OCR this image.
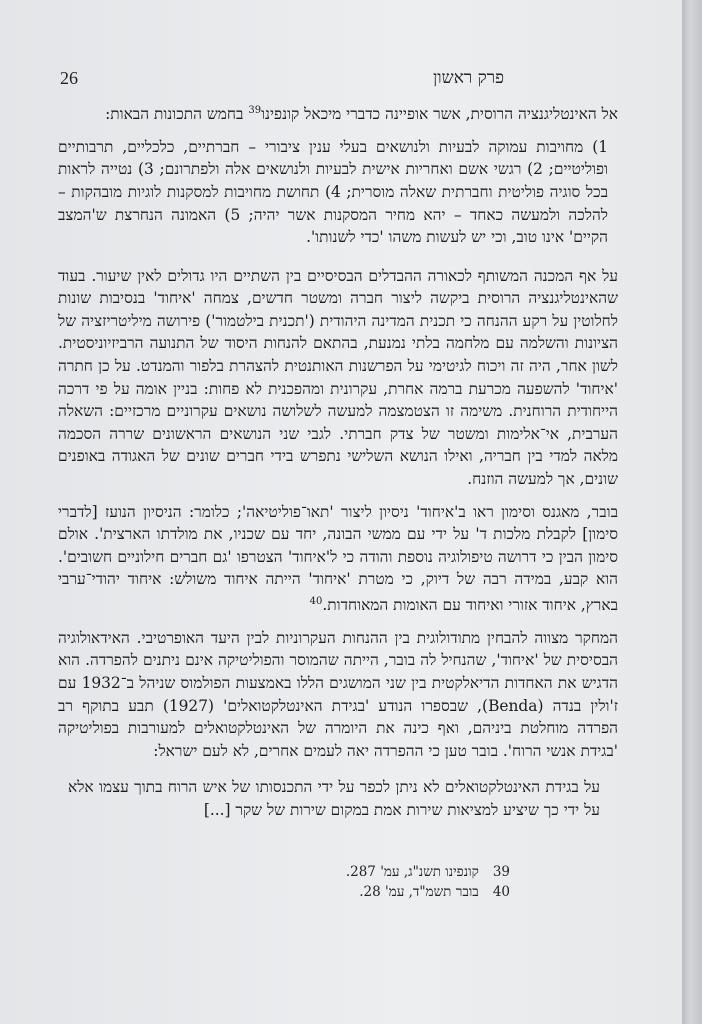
26	פרק ראשון

אל האינטליגנציה הרוסית, אשר אופיינה כדברי מיכאל קונפינו$^{39}$ בחמש התכונות הבאות:

1) מחויבות עמוקה לבעיות ולנושאים בעלי ענין ציבורי – חברתיים, כלכליים, תרבותיים ופוליטיים; 2) רגשי אשם ואחריות אישית לבעיות ולנושאים אלה ולפתרונם; 3) נטייה לראות בכל סוגיה פוליטית וחברתית שאלה מוסרית; 4) תחושת מחויבות למסקנות לוגיות מובהקות – להלכה ולמעשה כאחד – יהא מחיר המסקנות אשר יהיה; 5) האמונה הנחרצת ש'המצב הקיים' אינו טוב, וכי יש לעשות משהו 'כדי לשנותו'.

על אף המכנה המשותף לכאורה ההבדלים הבסיסיים בין השתיים היו גדולים לאין שיעור. בעוד שהאינטליגנציה הרוסית ביקשה ליצור חברה ומשטר חדשים, צמחה 'איחוד' בנסיבות שונות לחלוטין על רקע ההנחה כי תכנית המדינה היהודית ('תכנית בילטמור') פירושה מיליטריזציה של הציונות והשלמה עם מלחמה בלתי נמנעת, בהתאם להנחות היסוד של התנועה הרביזיוניסטית. לשון אחר, היה זה ויכוח לגיטימי על הפרשנות האותנטית להצהרת בלפור והמנדט. על כן חתרה 'איחוד' להשפעה מכרעת ברמה אחרת, עקרונית ומהפכנית לא פחות: בניין אומה על פי דרכה הייחודית הרוחנית. משימה זו הצטמצמה למעשה לשלושה נושאים עקרוניים מרכזיים: השאלה הערבית, אי־אלימות ומשטר של צדק חברתי. לגבי שני הנושאים הראשונים שררה הסכמה מלאה למדי בין חבריה, ואילו הנושא השלישי נתפרש בידי חברים שונים של האגודה באופנים שונים, אך למעשה הוזנח.

בובר, מאגנס וסימון ראו ב'איחוד' ניסיון ליצור 'תאו־פוליטיאה'; כלומר: הניסיון הנועז [לדברי סימון] לקבלת מלכות ד' על ידי עם ממשי הבונה, יחד עם שכניו, את מולדתו הארצית'. אולם סימון הבין כי דרושה טיפולוגיה נוספת והודה כי ל'איחוד' הצטרפו 'גם חברים חילוניים חשובים'. הוא קבע, במידה רבה של דיוק, כי מטרת 'איחוד' הייתה איחוד משולש: איחוד יהודי־ערבי בארץ, איחוד אזורי ואיחוד עם האומות המאוחדות.$^{40}$

המחקר מצווה להבחין מתודולוגית בין ההנחות העקרוניות לבין היעד האופרטיבי. האידאולוגיה הבסיסית של 'איחוד', שהנחיל לה בובר, הייתה שהמוסר והפוליטיקה אינם ניתנים להפרדה. הוא הדגיש את האחדות הדיאלקטית בין שני המושגים הללו באמצעות הפולמוס שניהל ב־1932 עם ז'ולין בנדה (Benda), שבספרו הנודע 'בגידת האינטלקטואלים' (1927) תבע בתוקף רב הפרדה מוחלטת ביניהם, ואף כינה את היומרה של האינטלקטואלים למעורבות בפוליטיקה 'בגידת אנשי הרוח'. בובר טען כי ההפרדה יאה לעמים אחרים, לא לעם ישראל:

על בגידת האינטלקטואלים לא ניתן לכפר על ידי התכנסותו של איש הרוח בתוך עצמו אלא על ידי כך שיציע למציאות שירות אמת במקום שירות של שקר [...]

39
קונפינו תשנ"ג, עמ' 287.
40
בובר תשמ"ד, עמ' 28.
